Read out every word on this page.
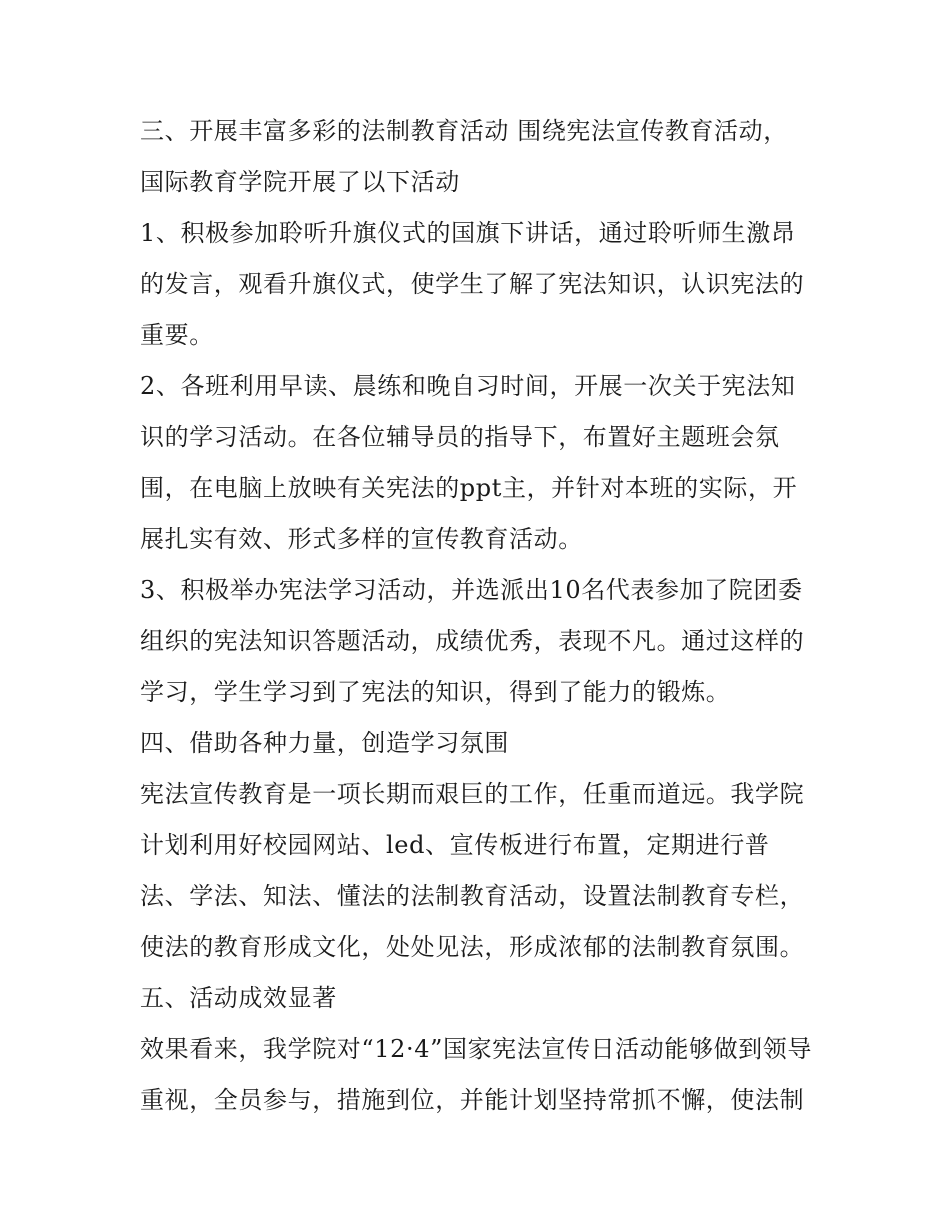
三、开展丰富多彩的法制教育活动 围绕宪法宣传教育活动，
国际教育学院开展了以下活动
1、积极参加聆听升旗仪式的国旗下讲话，通过聆听师生激昂
的发言，观看升旗仪式，使学生了解了宪法知识，认识宪法的
重要。
2、各班利用早读、晨练和晚自习时间，开展一次关于宪法知
识的学习活动。在各位辅导员的指导下，布置好主题班会氛
围，在电脑上放映有关宪法的ppt主，并针对本班的实际，开
展扎实有效、形式多样的宣传教育活动。
3、积极举办宪法学习活动，并选派出10名代表参加了院团委
组织的宪法知识答题活动，成绩优秀，表现不凡。通过这样的
学习，学生学习到了宪法的知识，得到了能力的锻炼。
四、借助各种力量，创造学习氛围
宪法宣传教育是一项长期而艰巨的工作，任重而道远。我学院
计划利用好校园网站、led、宣传板进行布置，定期进行普
法、学法、知法、懂法的法制教育活动，设置法制教育专栏，
使法的教育形成文化，处处见法，形成浓郁的法制教育氛围。
五、活动成效显著
效果看来，我学院对“12·4”国家宪法宣传日活动能够做到领导
重视，全员参与，措施到位，并能计划坚持常抓不懈，使法制
